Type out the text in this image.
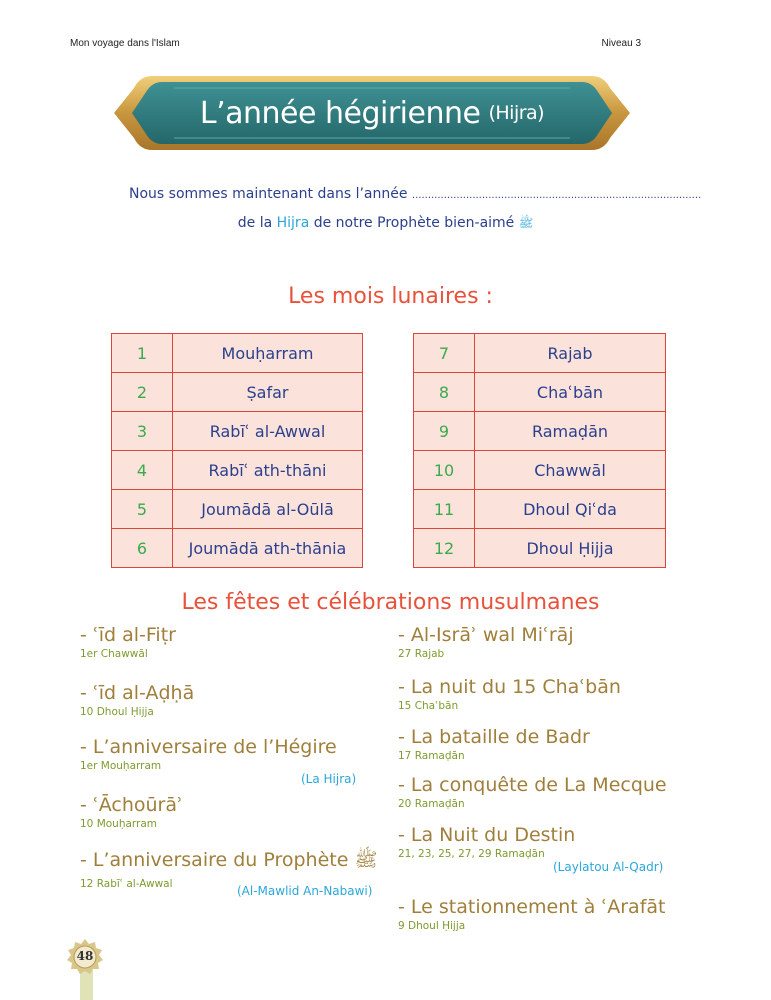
Mon voyage dans l'Islam	Niveau 3
L’année hégirienne (Hijra)
Nous sommes maintenant dans l’année ...........................................................................................
de la Hijra de notre Prophète bien-aimé ﷺ
Les mois lunaires :
1	Mouḥarram
2	Ṣafar
3	Rabīʿ al-Awwal
4	Rabīʿ ath-thāni
5	Joumādā al-Oūlā
6	Joumādā ath-thānia
7	Rajab
8	Chaʿbān
9	Ramaḍān
10	Chawwāl
11	Dhoul Qiʿda
12	Dhoul Ḥijja
Les fêtes et célébrations musulmanes
- ʿīd al-Fiṭr
1er Chawwāl
- ʿīd al-Aḍḥā
10 Dhoul Ḥijja
- L’anniversaire de l’Hégire
1er Mouḥarram
- ʿĀchoūrāʾ
10 Mouḥarram
- L’anniversaire du Prophète ﷺ
12 Rabīʿ al-Awwal
- Al-Isrāʾ wal Miʿrāj
27 Rajab
- La nuit du 15 Chaʿbān
15 Chaʿbān
- La bataille de Badr
17 Ramaḍān
- La conquête de La Mecque
20 Ramaḍān
- La Nuit du Destin
21, 23, 25, 27, 29 Ramaḍān
- Le stationnement à ʿArafāt
9 Dhoul Ḥijja
(La Hijra)
(Al-Mawlid An-Nabawi)
(Laylatou Al-Qadr)
48
